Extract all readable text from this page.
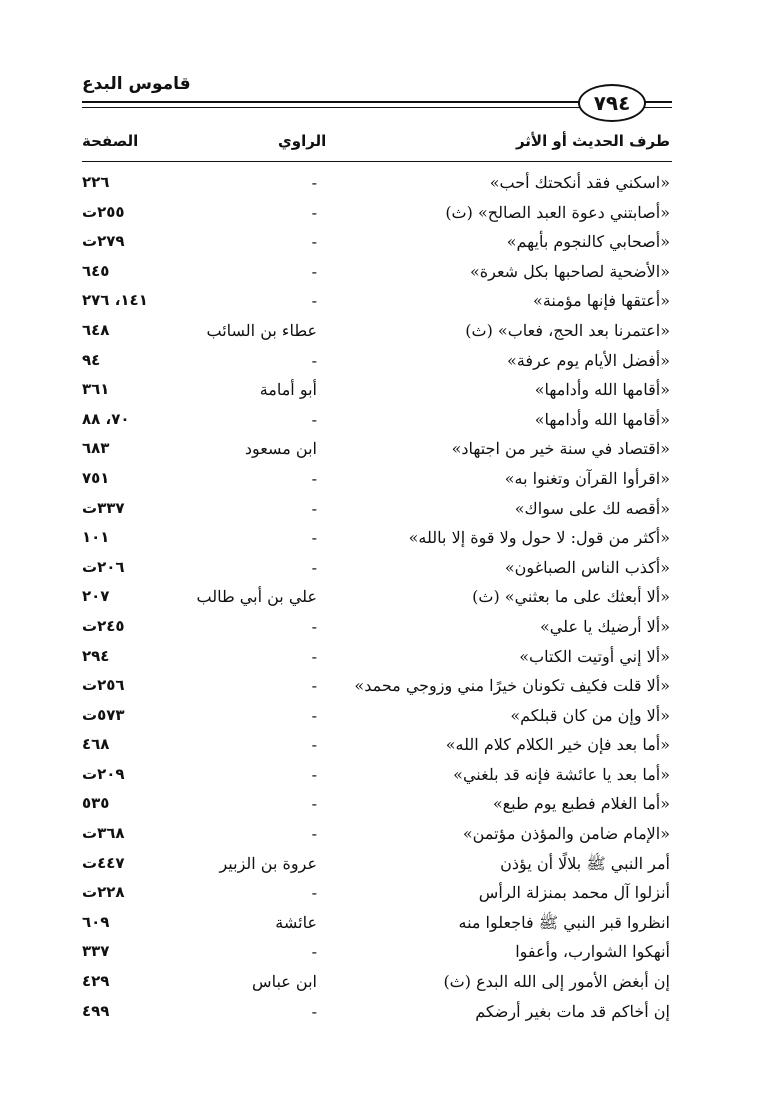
قاموس البدع
٧٩٤
طرف الحديث أو الأثر
الراوي
الصفحة
«اسكني فقد أنكحتك أحب»
-
٢٢٦
«أصابتني دعوة العبد الصالح» (ث)
-
٢٥٥ت
«أصحابي كالنجوم بأيهم»
-
٢٧٩ت
«الأضحية لصاحبها بكل شعرة»
-
٦٤٥
«أعتقها فإنها مؤمنة»
-
١٤١، ٢٧٦
«اعتمرنا بعد الحج، فعاب» (ث)
عطاء بن السائب
٦٤٨
«أفضل الأيام يوم عرفة»
-
٩٤
«أقامها الله وأدامها»
أبو أمامة
٣٦١
«أقامها الله وأدامها»
-
٧٠، ٨٨
«اقتصاد في سنة خير من اجتهاد»
ابن مسعود
٦٨٣
«اقرأوا القرآن وتغنوا به»
-
٧٥١
«أقصه لك على سواك»
-
٣٣٧ت
«أكثر من قول: لا حول ولا قوة إلا بالله»
-
١٠١
«أكذب الناس الصباغون»
-
٢٠٦ت
«ألا أبعثك على ما بعثني» (ث)
علي بن أبي طالب
٢٠٧
«ألا أرضيك يا علي»
-
٢٤٥ت
«ألا إني أوتيت الكتاب»
-
٢٩٤
«ألا قلت فكيف تكونان خيرًا مني وزوجي محمد»
-
٢٥٦ت
«ألا وإن من كان قبلكم»
-
٥٧٣ت
«أما بعد فإن خير الكلام كلام الله»
-
٤٦٨
«أما بعد يا عائشة فإنه قد بلغني»
-
٢٠٩ت
«أما الغلام فطبع يوم طبع»
-
٥٣٥
«الإمام ضامن والمؤذن مؤتمن»
-
٣٦٨ت
أمر النبي ﷺ بلالًا أن يؤذن
عروة بن الزبير
٤٤٧ت
أنزلوا آل محمد بمنزلة الرأس
-
٢٢٨ت
انظروا قبر النبي ﷺ فاجعلوا منه
عائشة
٦٠٩
أنهكوا الشوارب، وأعفوا
-
٣٣٧
إن أبغض الأمور إلى الله البدع (ث)
ابن عباس
٤٢٩
إن أخاكم قد مات بغير أرضكم
-
٤٩٩
